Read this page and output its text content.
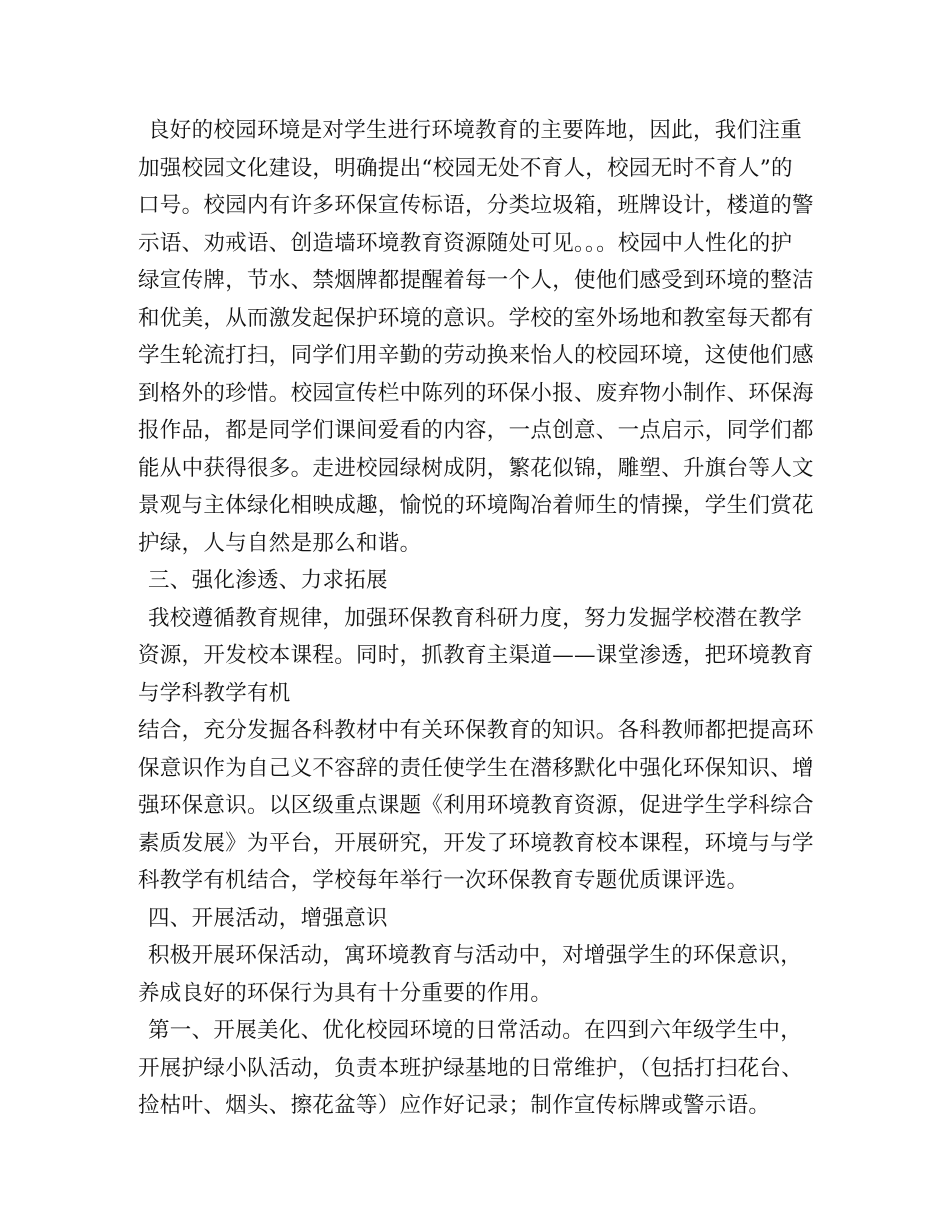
良好的校园环境是对学生进行环境教育的主要阵地，因此，我们注重
加强校园文化建设，明确提出“校园无处不育人，校园无时不育人”的
口号。校园内有许多环保宣传标语，分类垃圾箱，班牌设计，楼道的警
示语、劝戒语、创造墙环境教育资源随处可见。。。校园中人性化的护
绿宣传牌，节水、禁烟牌都提醒着每一个人，使他们感受到环境的整洁
和优美，从而激发起保护环境的意识。学校的室外场地和教室每天都有
学生轮流打扫，同学们用辛勤的劳动换来怡人的校园环境，这使他们感
到格外的珍惜。校园宣传栏中陈列的环保小报、废弃物小制作、环保海
报作品，都是同学们课间爱看的内容，一点创意、一点启示，同学们都
能从中获得很多。走进校园绿树成阴，繁花似锦，雕塑、升旗台等人文
景观与主体绿化相映成趣，愉悦的环境陶冶着师生的情操，学生们赏花
护绿，人与自然是那么和谐。
三、强化渗透、力求拓展
我校遵循教育规律，加强环保教育科研力度，努力发掘学校潜在教学
资源，开发校本课程。同时，抓教育主渠道——课堂渗透，把环境教育
与学科教学有机
结合，充分发掘各科教材中有关环保教育的知识。各科教师都把提高环
保意识作为自己义不容辞的责任使学生在潜移默化中强化环保知识、增
强环保意识。以区级重点课题《利用环境教育资源，促进学生学科综合
素质发展》为平台，开展研究，开发了环境教育校本课程，环境与与学
科教学有机结合，学校每年举行一次环保教育专题优质课评选。
四、开展活动，增强意识
积极开展环保活动，寓环境教育与活动中，对增强学生的环保意识，
养成良好的环保行为具有十分重要的作用。
第一、开展美化、优化校园环境的日常活动。在四到六年级学生中，
开展护绿小队活动，负责本班护绿基地的日常维护，（包括打扫花台、
捡枯叶、烟头、擦花盆等）应作好记录；制作宣传标牌或警示语。
